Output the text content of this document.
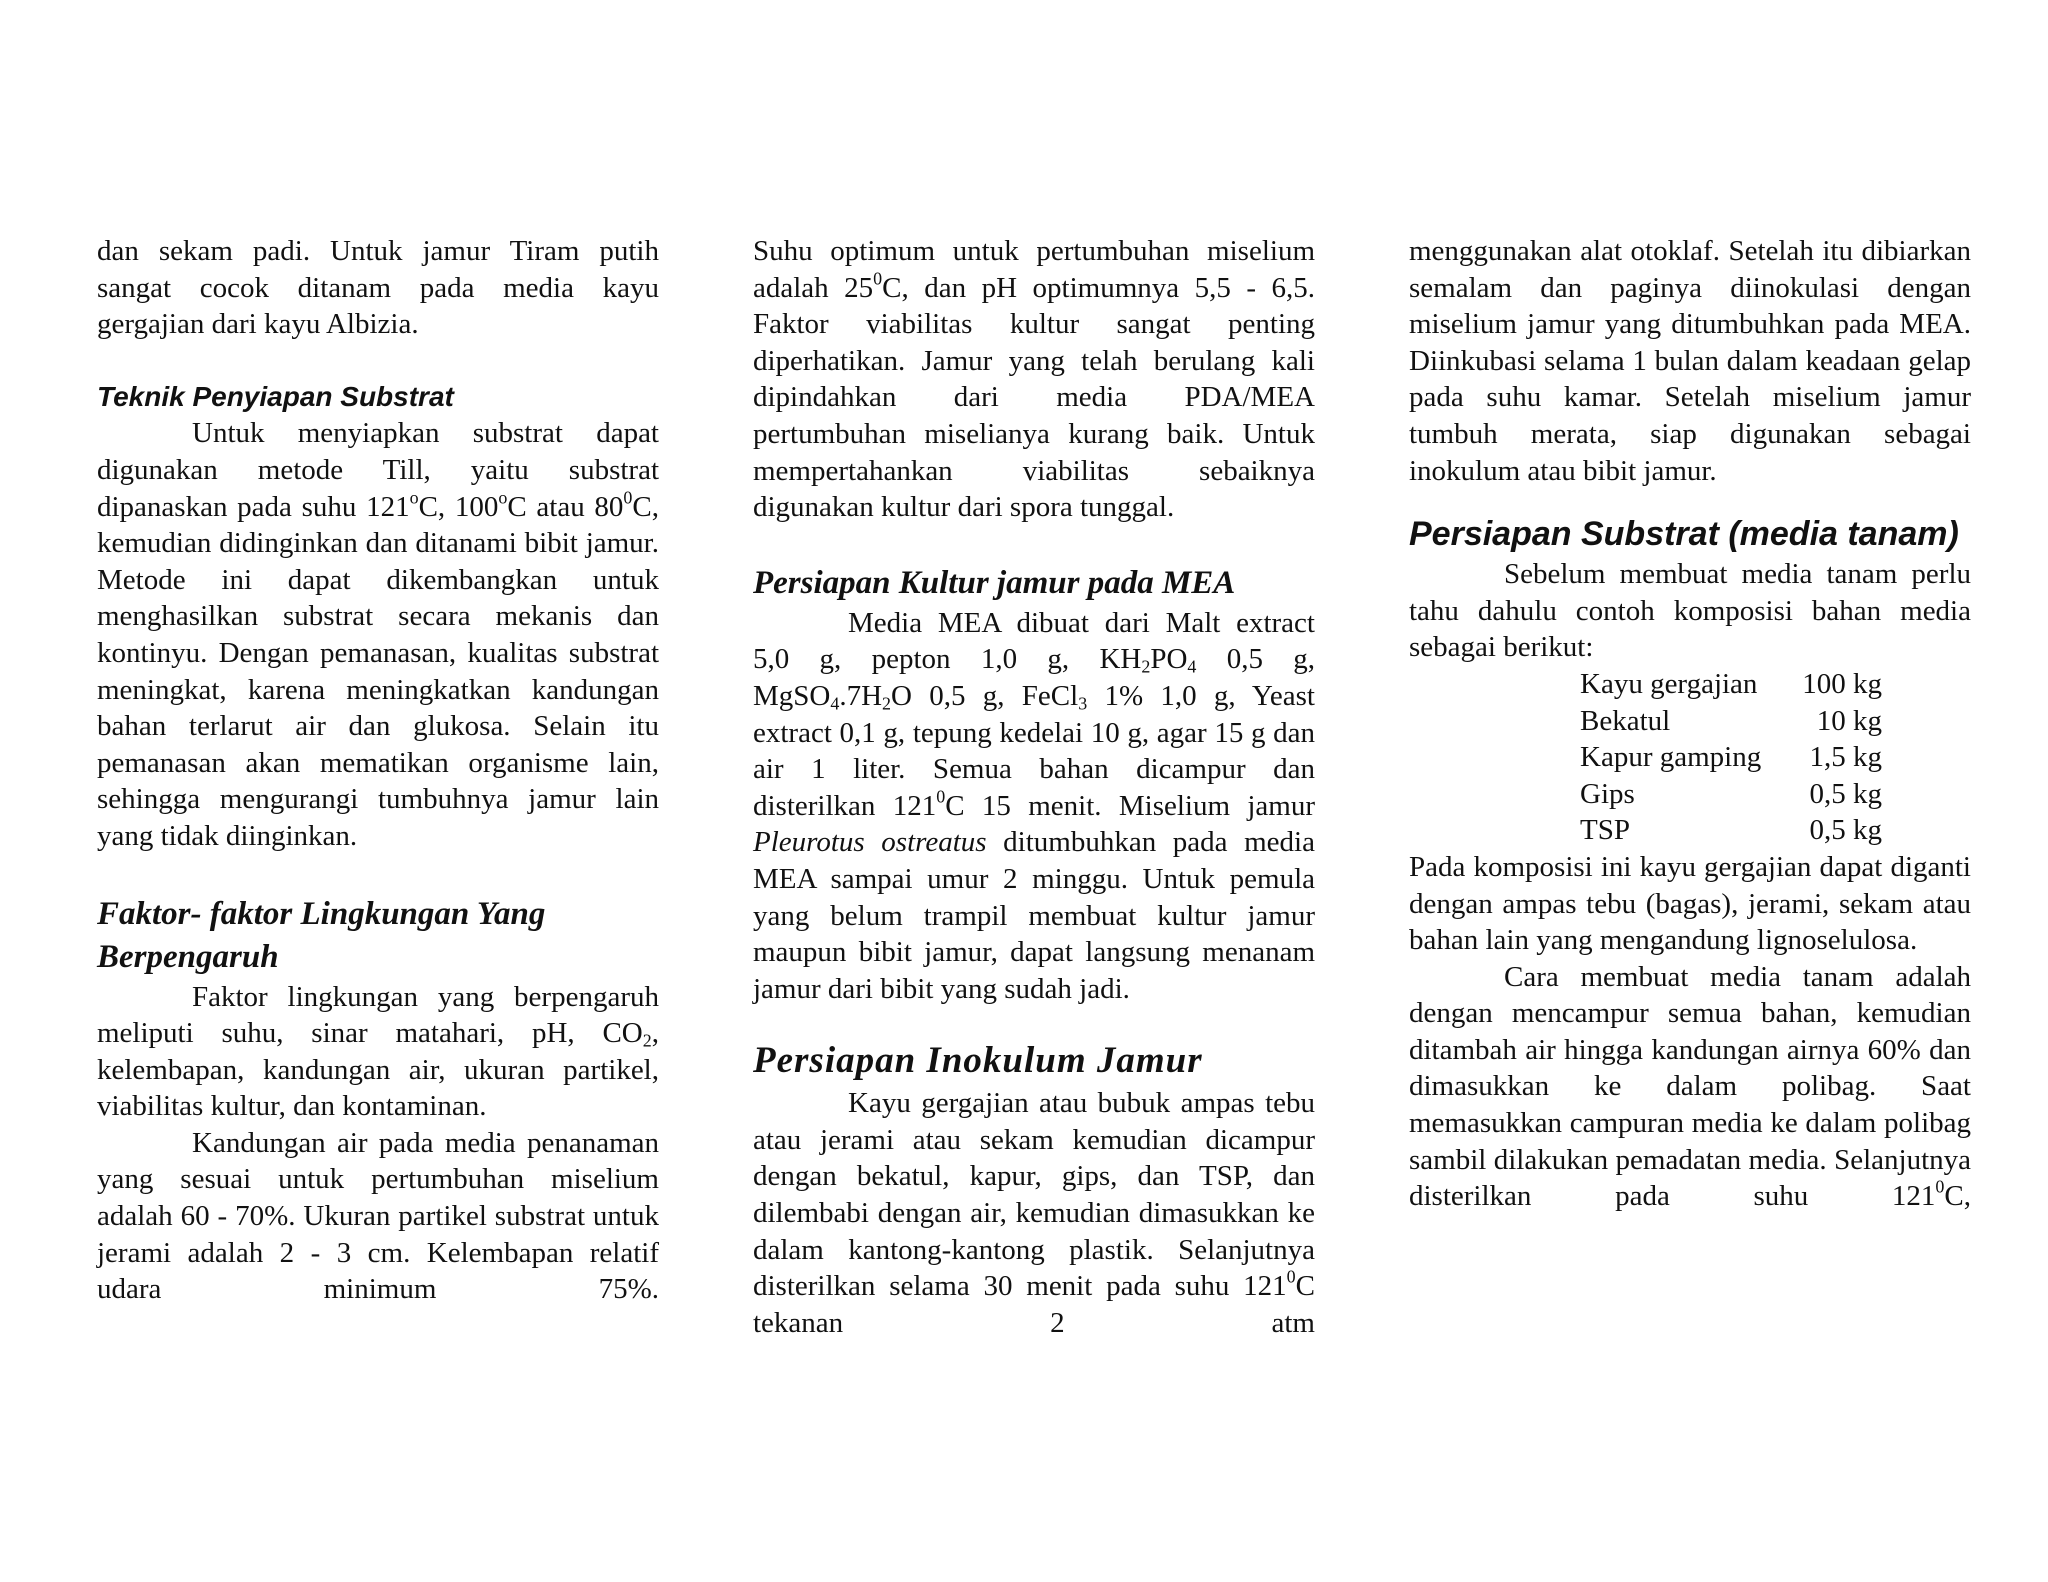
dan sekam padi. Untuk jamur Tiram putih sangat cocok ditanam pada media kayu gergajian dari kayu Albizia.

Teknik Penyiapan Substrat

Untuk menyiapkan substrat dapat digunakan metode Till, yaitu substrat dipanaskan pada suhu 121$^o$C, 100$^o$C atau $80^0C$, kemudian didinginkan dan ditanami bibit jamur. Metode ini dapat dikembangkan untuk menghasilkan substrat secara mekanis dan kontinyu. Dengan pemanasan, kualitas substrat meningkat, karena meningkatkan kandungan bahan terlarut air dan glukosa. Selain itu pemanasan akan mematikan organisme lain, sehingga mengurangi tumbuhnya jamur lain yang tidak diinginkan.

Faktor- faktor Lingkungan Yang Berpengaruh

Faktor lingkungan yang berpengaruh meliputi suhu, sinar matahari, pH, $CO_2$, kelembapan, kandungan air, ukuran partikel, viabilitas kultur, dan kontaminan.

Kandungan air pada media penanaman yang sesuai untuk pertumbuhan miselium adalah 60 - 70%. Ukuran partikel substrat untuk jerami adalah 2 - 3 cm. Kelembapan relatif udara minimum 75%.

Suhu optimum untuk pertumbuhan miselium adalah $25^0C$, dan pH optimumnya 5,5 - 6,5. Faktor viabilitas kultur sangat penting diperhatikan. Jamur yang telah berulang kali dipindahkan dari media PDA/MEA pertumbuhan miselianya kurang baik. Untuk mempertahankan viabilitas sebaiknya digunakan kultur dari spora tunggal.

Persiapan Kultur jamur pada MEA

Media MEA dibuat dari Malt extract 5,0 g, pepton 1,0 g, $KH_2PO_4$ 0,5 g, $MgSO_4.7H_2O$ 0,5 g, FeCl$_3$ 1% 1,0 g, Yeast extract 0,1 g, tepung kedelai 10 g, agar 15 g dan air 1 liter. Semua bahan dicampur dan disterilkan $121^0C$ 15 menit. Miselium jamur Pleurotus ostreatus ditumbuhkan pada media MEA sampai umur 2 minggu. Untuk pemula yang belum trampil membuat kultur jamur maupun bibit jamur, dapat langsung menanam jamur dari bibit yang sudah jadi.

Persiapan Inokulum Jamur

Kayu gergajian atau bubuk ampas tebu atau jerami atau sekam kemudian dicampur dengan bekatul, kapur, gips, dan TSP, dan dilembabi dengan air, kemudian dimasukkan ke dalam kantong-kantong plastik. Selanjutnya disterilkan selama 30 menit pada suhu $121^0C$ tekanan 2 atm

menggunakan alat otoklaf. Setelah itu dibiarkan semalam dan paginya diinokulasi dengan miselium jamur yang ditumbuhkan pada MEA. Diinkubasi selama 1 bulan dalam keadaan gelap pada suhu kamar. Setelah miselium jamur tumbuh merata, siap digunakan sebagai inokulum atau bibit jamur.

Persiapan Substrat (media tanam)

Sebelum membuat media tanam perlu tahu dahulu contoh komposisi bahan media sebagai berikut:

Kayu gergajian	100 kg
Bekatul	10 kg
Kapur gamping	1,5 kg
Gips	0,5 kg
TSP	0,5 kg

Pada komposisi ini kayu gergajian dapat diganti dengan ampas tebu (bagas), jerami, sekam atau bahan lain yang mengandung lignoselulosa.

Cara membuat media tanam adalah dengan mencampur semua bahan, kemudian ditambah air hingga kandungan airnya 60% dan dimasukkan ke dalam polibag. Saat memasukkan campuran media ke dalam polibag sambil dilakukan pemadatan media. Selanjutnya disterilkan pada suhu $121^0C$,
